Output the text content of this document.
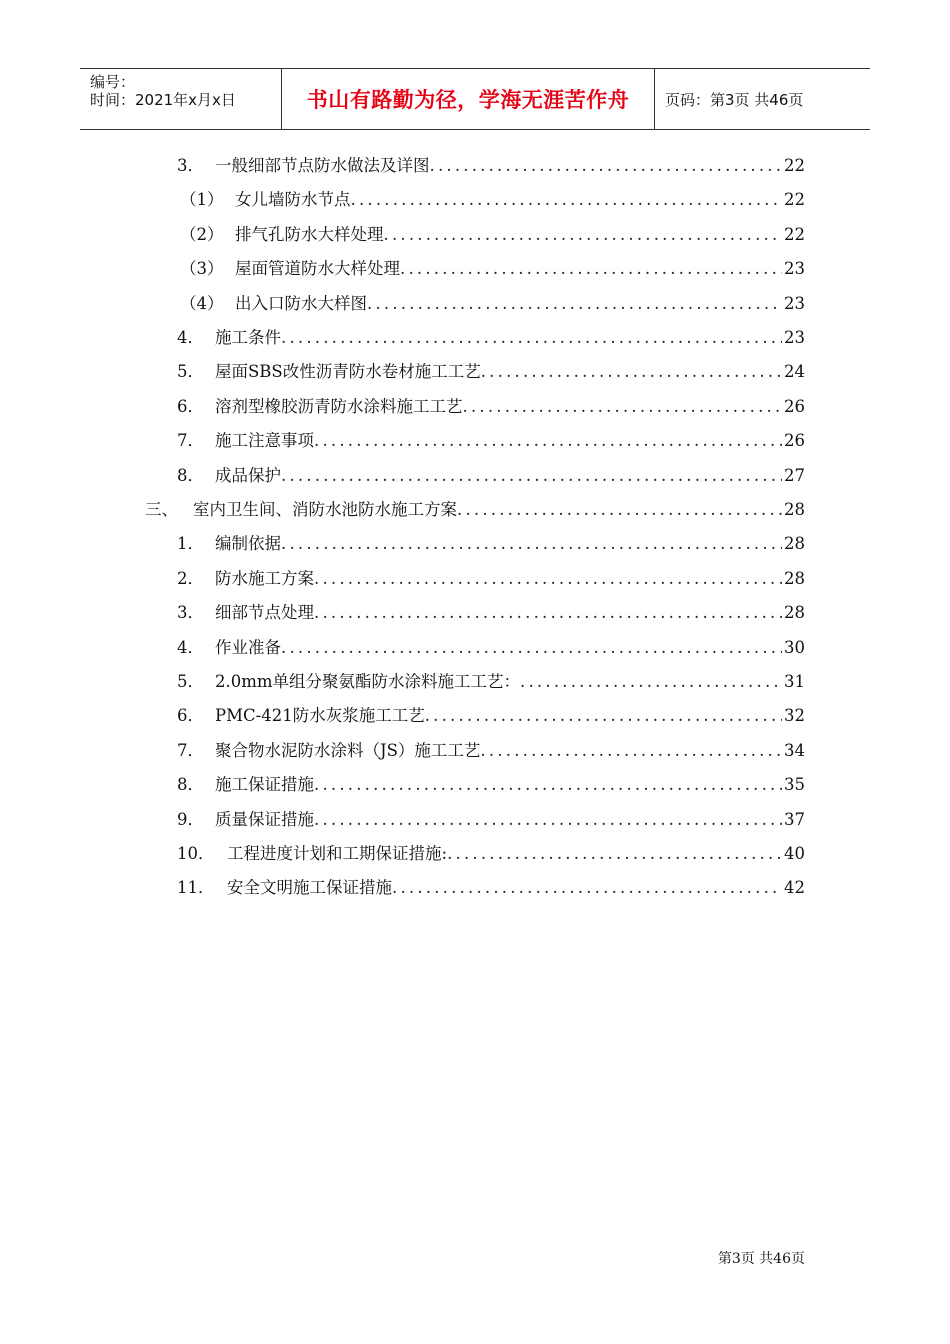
编号：
时间：2021年x月x日	书山有路勤为径，学海无涯苦作舟	页码：第3页 共46页
3． 一般细部节点防水做法及详图 .....	22
（1） 女儿墙防水节点 .....	22
（2） 排气孔防水大样处理 .....	22
（3） 屋面管道防水大样处理 .....	23
（4） 出入口防水大样图 .....	23
4． 施工条件 .....	23
5． 屋面SBS改性沥青防水卷材施工工艺 .....	24
6． 溶剂型橡胶沥青防水涂料施工工艺 .....	26
7． 施工注意事项 .....	26
8． 成品保护 .....	27
三、 室内卫生间、消防水池防水施工方案 .....	28
1． 编制依据 .....	28
2． 防水施工方案 .....	28
3． 细部节点处理 .....	28
4． 作业准备 .....	30
5． 2.0mm单组分聚氨酯防水涂料施工工艺： .....	31
6． PMC-421防水灰浆施工工艺 .....	32
7． 聚合物水泥防水涂料（JS）施工工艺 .....	34
8． 施工保证措施 .....	35
9． 质量保证措施 .....	37
10． 工程进度计划和工期保证措施: .....	40
11． 安全文明施工保证措施 .....	42
第3页 共46页
